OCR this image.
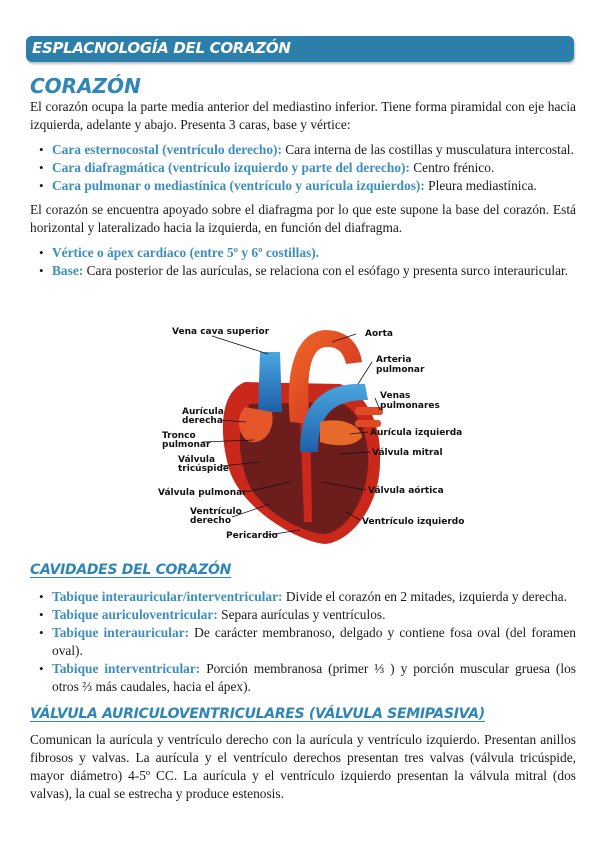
ESPLACNOLOGÍA DEL CORAZÓN
CORAZÓN

El corazón ocupa la parte media anterior del mediastino inferior. Tiene forma piramidal con eje hacia izquierda, adelante y abajo. Presenta 3 caras, base y vértice:

• Cara esternocostal (ventrículo derecho): Cara interna de las costillas y musculatura intercostal.
• Cara diafragmática (ventrículo izquierdo y parte del derecho): Centro frénico.
• Cara pulmonar o mediastínica (ventrículo y aurícula izquierdos): Pleura mediastínica.

El corazón se encuentra apoyado sobre el diafragma por lo que este supone la base del corazón. Está horizontal y lateralizado hacia la izquierda, en función del diafragma.

• Vértice o ápex cardíaco (entre 5º y 6º costillas).
• Base: Cara posterior de las aurículas, se relaciona con el esófago y presenta surco interauricular.
Vena cava superior	Aorta
Arteria
pulmonar
Venas
pulmonares
Aurícula
derecha
Aurícula izquierda
Tronco
pulmonar
Válvula mitral
Válvula
tricúspide
Válvula pulmonar	Válvula aórtica
Ventrículo
derecho	Ventrículo izquierdo
Pericardio
CAVIDADES DEL CORAZÓN
• Tabique interauricular/interventricular: Divide el corazón en 2 mitades, izquierda y derecha.
• Tabique auriculoventricular: Separa aurículas y ventrículos.
• Tabique interauricular: De carácter membranoso, delgado y contiene fosa oval (del foramen oval).
• Tabique interventricular: Porción membranosa (primer ⅓ ) y porción muscular gruesa (los otros ⅔ más caudales, hacia el ápex).
VÁLVULA AURICULOVENTRICULARES (VÁLVULA SEMIPASIVA)

Comunican la aurícula y ventrículo derecho con la aurícula y ventrículo izquierdo. Presentan anillos fibrosos y valvas. La aurícula y el ventrículo derechos presentan tres valvas (válvula tricúspide, mayor diámetro) 4-5º CC. La aurícula y el ventrículo izquierdo presentan la válvula mitral (dos valvas), la cual se estrecha y produce estenosis.
